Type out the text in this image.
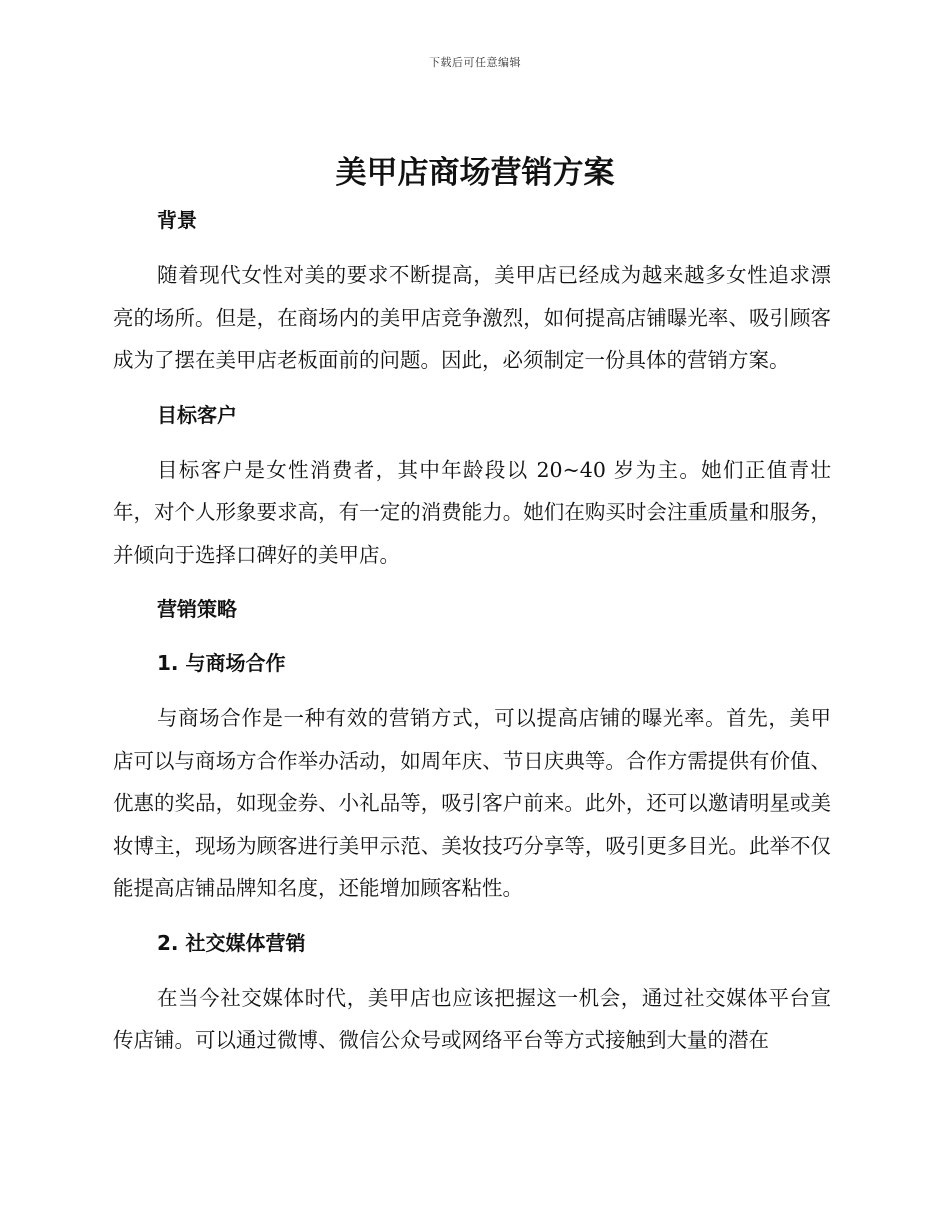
下载后可任意编辑
美甲店商场营销方案
背景

随着现代女性对美的要求不断提高，美甲店已经成为越来越多女性追求漂亮的场所。但是，在商场内的美甲店竞争激烈，如何提高店铺曝光率、吸引顾客成为了摆在美甲店老板面前的问题。因此，必须制定一份具体的营销方案。

目标客户

目标客户是女性消费者，其中年龄段以 20~40 岁为主。她们正值青壮年，对个人形象要求高，有一定的消费能力。她们在购买时会注重质量和服务，并倾向于选择口碑好的美甲店。

营销策略
1. 与商场合作

与商场合作是一种有效的营销方式，可以提高店铺的曝光率。首先，美甲店可以与商场方合作举办活动，如周年庆、节日庆典等。合作方需提供有价值、优惠的奖品，如现金券、小礼品等，吸引客户前来。此外，还可以邀请明星或美妆博主，现场为顾客进行美甲示范、美妆技巧分享等，吸引更多目光。此举不仅能提高店铺品牌知名度，还能增加顾客粘性。

2. 社交媒体营销

在当今社交媒体时代，美甲店也应该把握这一机会，通过社交媒体平台宣传店铺。可以通过微博、微信公众号或网络平台等方式接触到大量的潜在
